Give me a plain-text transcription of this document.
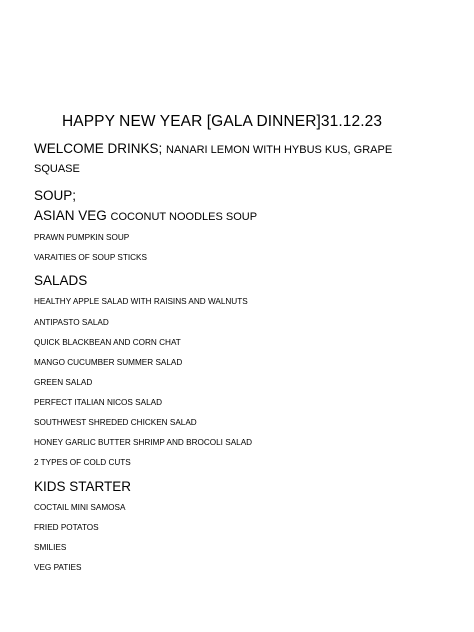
HAPPY NEW YEAR [GALA DINNER]31.12.23
WELCOME DRINKS; NANARI LEMON WITH HYBUS KUS, GRAPE SQUASE
SOUP;
ASIAN VEG COCONUT NOODLES SOUP
PRAWN PUMPKIN SOUP
VARAITIES OF SOUP STICKS
SALADS
HEALTHY APPLE SALAD WITH RAISINS AND WALNUTS
ANTIPASTO SALAD
QUICK BLACKBEAN AND CORN CHAT
MANGO CUCUMBER SUMMER SALAD
GREEN SALAD
PERFECT ITALIAN NICOS SALAD
SOUTHWEST SHREDED CHICKEN SALAD
HONEY GARLIC BUTTER SHRIMP AND BROCOLI SALAD
2 TYPES OF COLD CUTS
KIDS STARTER
COCTAIL MINI SAMOSA
FRIED POTATOS
SMILIES
VEG PATIES
